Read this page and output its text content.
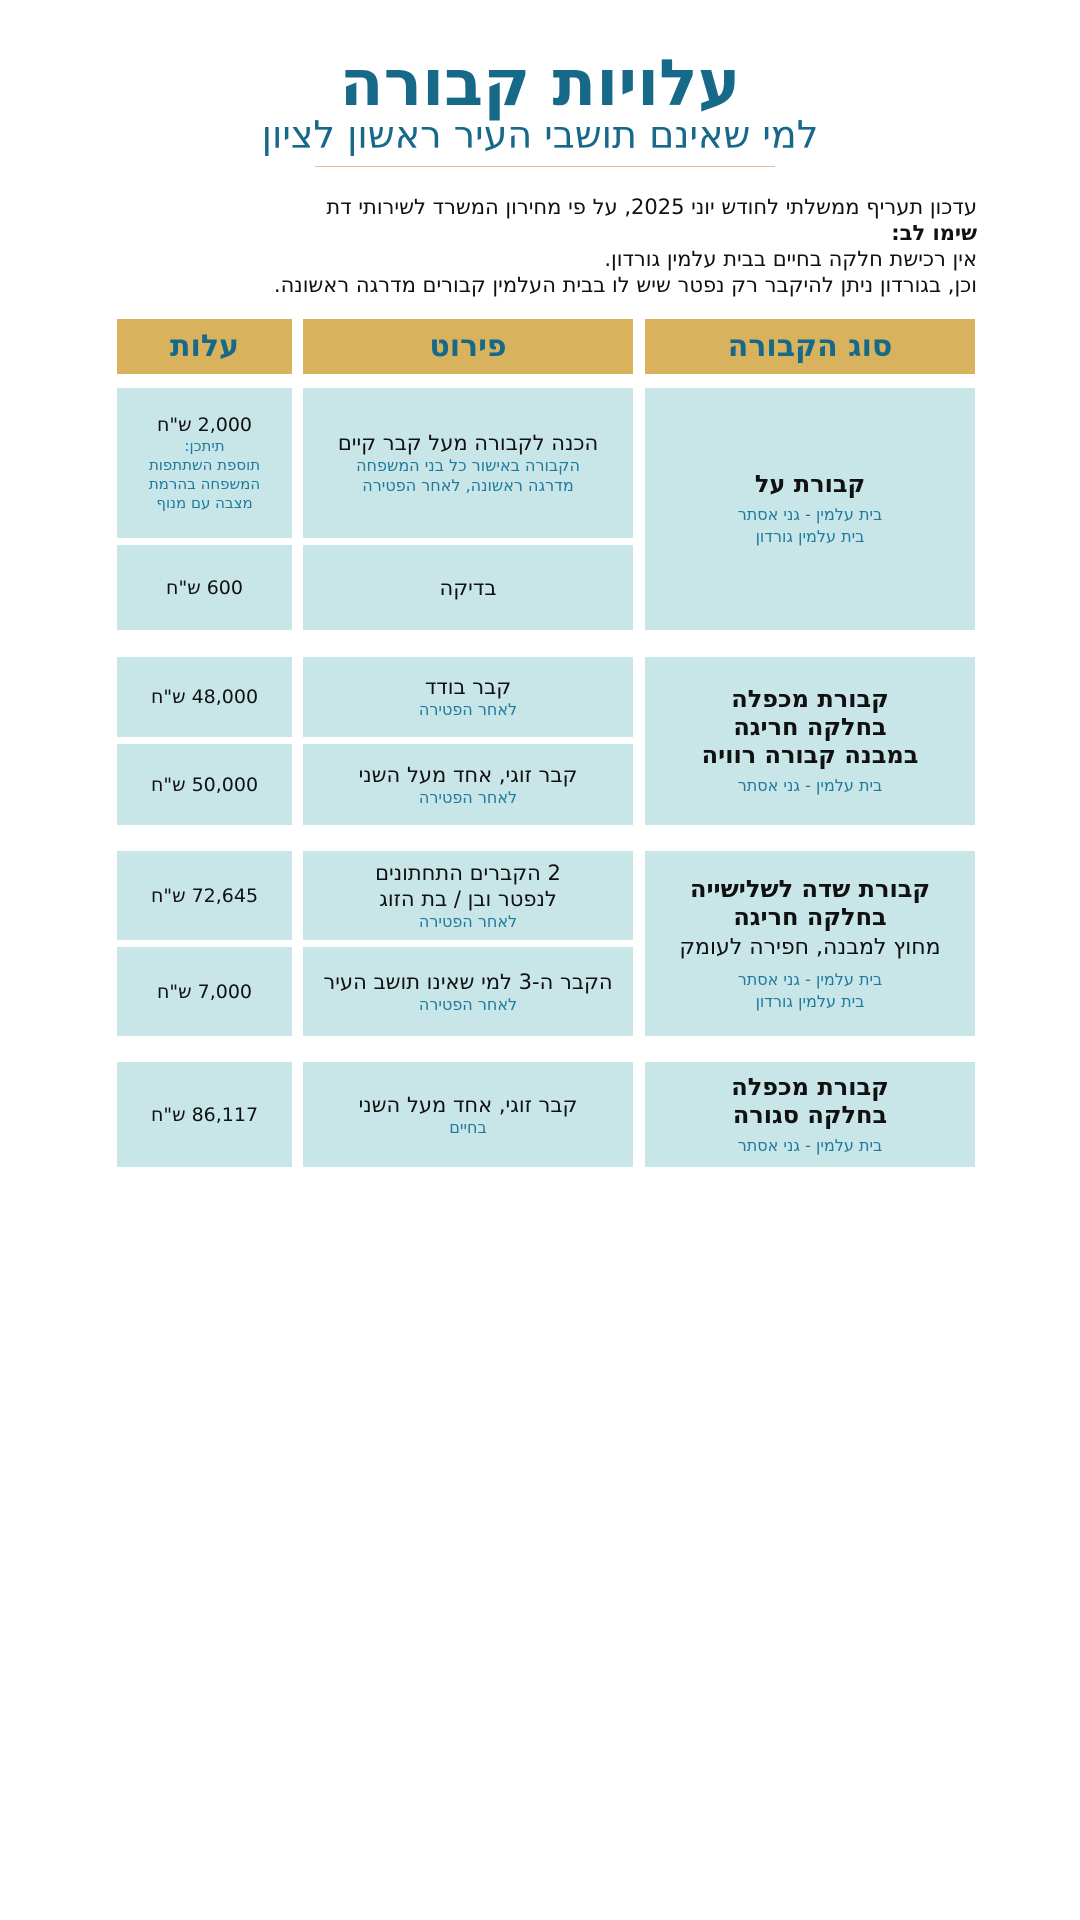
עלויות קבורה
למי שאינם תושבי העיר ראשון לציון
עדכון תעריף ממשלתי לחודש יוני 2025, על פי מחירון המשרד לשירותי דת
שימו לב:
אין רכישת חלקה בחיים בבית עלמין גורדון.
וכן, בגורדון ניתן להיקבר רק נפטר שיש לו בבית העלמין קבורים מדרגה ראשונה.
סוג הקבורה
פירוט
עלות
קבורת על
בית עלמין - גני אסתר
בית עלמין גורדון
הכנה לקבורה מעל קבר קיים
הקבורה באישור כל בני המשפחה
מדרגה ראשונה, לאחר הפטירה
2,000 ש"ח
תיתכן:
תוספת השתתפות
המשפחה בהרמת
מצבה עם מנוף
בדיקה
600 ש"ח
קבורת מכפלה
בחלקה חריגה
במבנה קבורה רוויה
בית עלמין - גני אסתר
קבר בודד
לאחר הפטירה
48,000 ש"ח
קבר זוגי, אחד מעל השני
לאחר הפטירה
50,000 ש"ח
קבורת שדה לשלישייה
בחלקה חריגה
מחוץ למבנה, חפירה לעומק
בית עלמין - גני אסתר
בית עלמין גורדון
2 הקברים התחתונים
לנפטר ובן / בת הזוג
לאחר הפטירה
72,645 ש"ח
הקבר ה-3 למי שאינו תושב העיר
לאחר הפטירה
7,000 ש"ח
קבורת מכפלה
בחלקה סגורה
בית עלמין - גני אסתר
קבר זוגי, אחד מעל השני
בחיים
86,117 ש"ח
